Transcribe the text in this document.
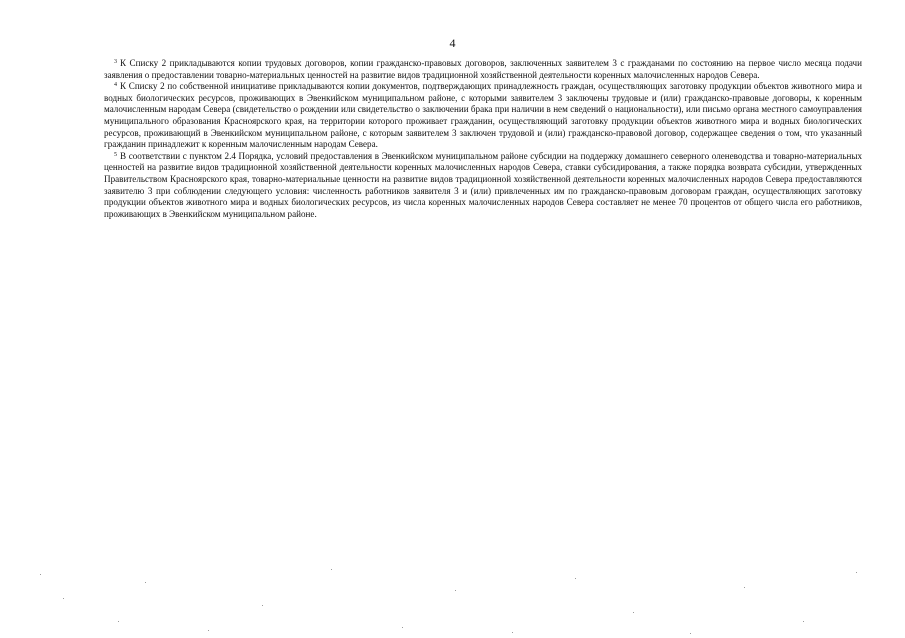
4

$^3$ К Списку 2 прикладываются копии трудовых договоров, копии гражданско-правовых договоров, заключенных заявителем 3 с гражданами по состоянию на первое число месяца подачи заявления о предоставлении товарно-материальных ценностей на развитие видов традиционной хозяйственной деятельности коренных малочисленных народов Севера.

$^4$ К Списку 2 по собственной инициативе прикладываются копии документов, подтверждающих принадлежность граждан, осуществляющих заготовку продукции объектов животного мира и водных биологических ресурсов, проживающих в Эвенкийском муниципальном районе, с которыми заявителем 3 заключены трудовые и (или) гражданско-правовые договоры, к коренным малочисленным народам Севера (свидетельство о рождении или свидетельство о заключении брака при наличии в нем сведений о национальности), или письмо органа местного самоуправления муниципального образования Красноярского края, на территории которого проживает гражданин, осуществляющий заготовку продукции объектов животного мира и водных биологических ресурсов, проживающий в Эвенкийском муниципальном районе, с которым заявителем 3 заключен трудовой и (или) гражданско-правовой договор, содержащее сведения о том, что указанный гражданин принадлежит к коренным малочисленным народам Севера.

$^5$ В соответствии с пунктом 2.4 Порядка, условий предоставления в Эвенкийском муниципальном районе субсидии на поддержку домашнего северного оленеводства и товарно-материальных ценностей на развитие видов традиционной хозяйственной деятельности коренных малочисленных народов Севера, ставки субсидирования, а также порядка возврата субсидии, утвержденных Правительством Красноярского края, товарно-материальные ценности на развитие видов традиционной хозяйственной деятельности коренных малочисленных народов Севера предоставляются заявителю 3 при соблюдении следующего условия: численность работников заявителя 3 и (или) привлеченных им по гражданско-правовым договорам граждан, осуществляющих заготовку продукции объектов животного мира и водных биологических ресурсов, из числа коренных малочисленных народов Севера составляет не менее 70 процентов от общего числа его работников, проживающих в Эвенкийском муниципальном районе.
